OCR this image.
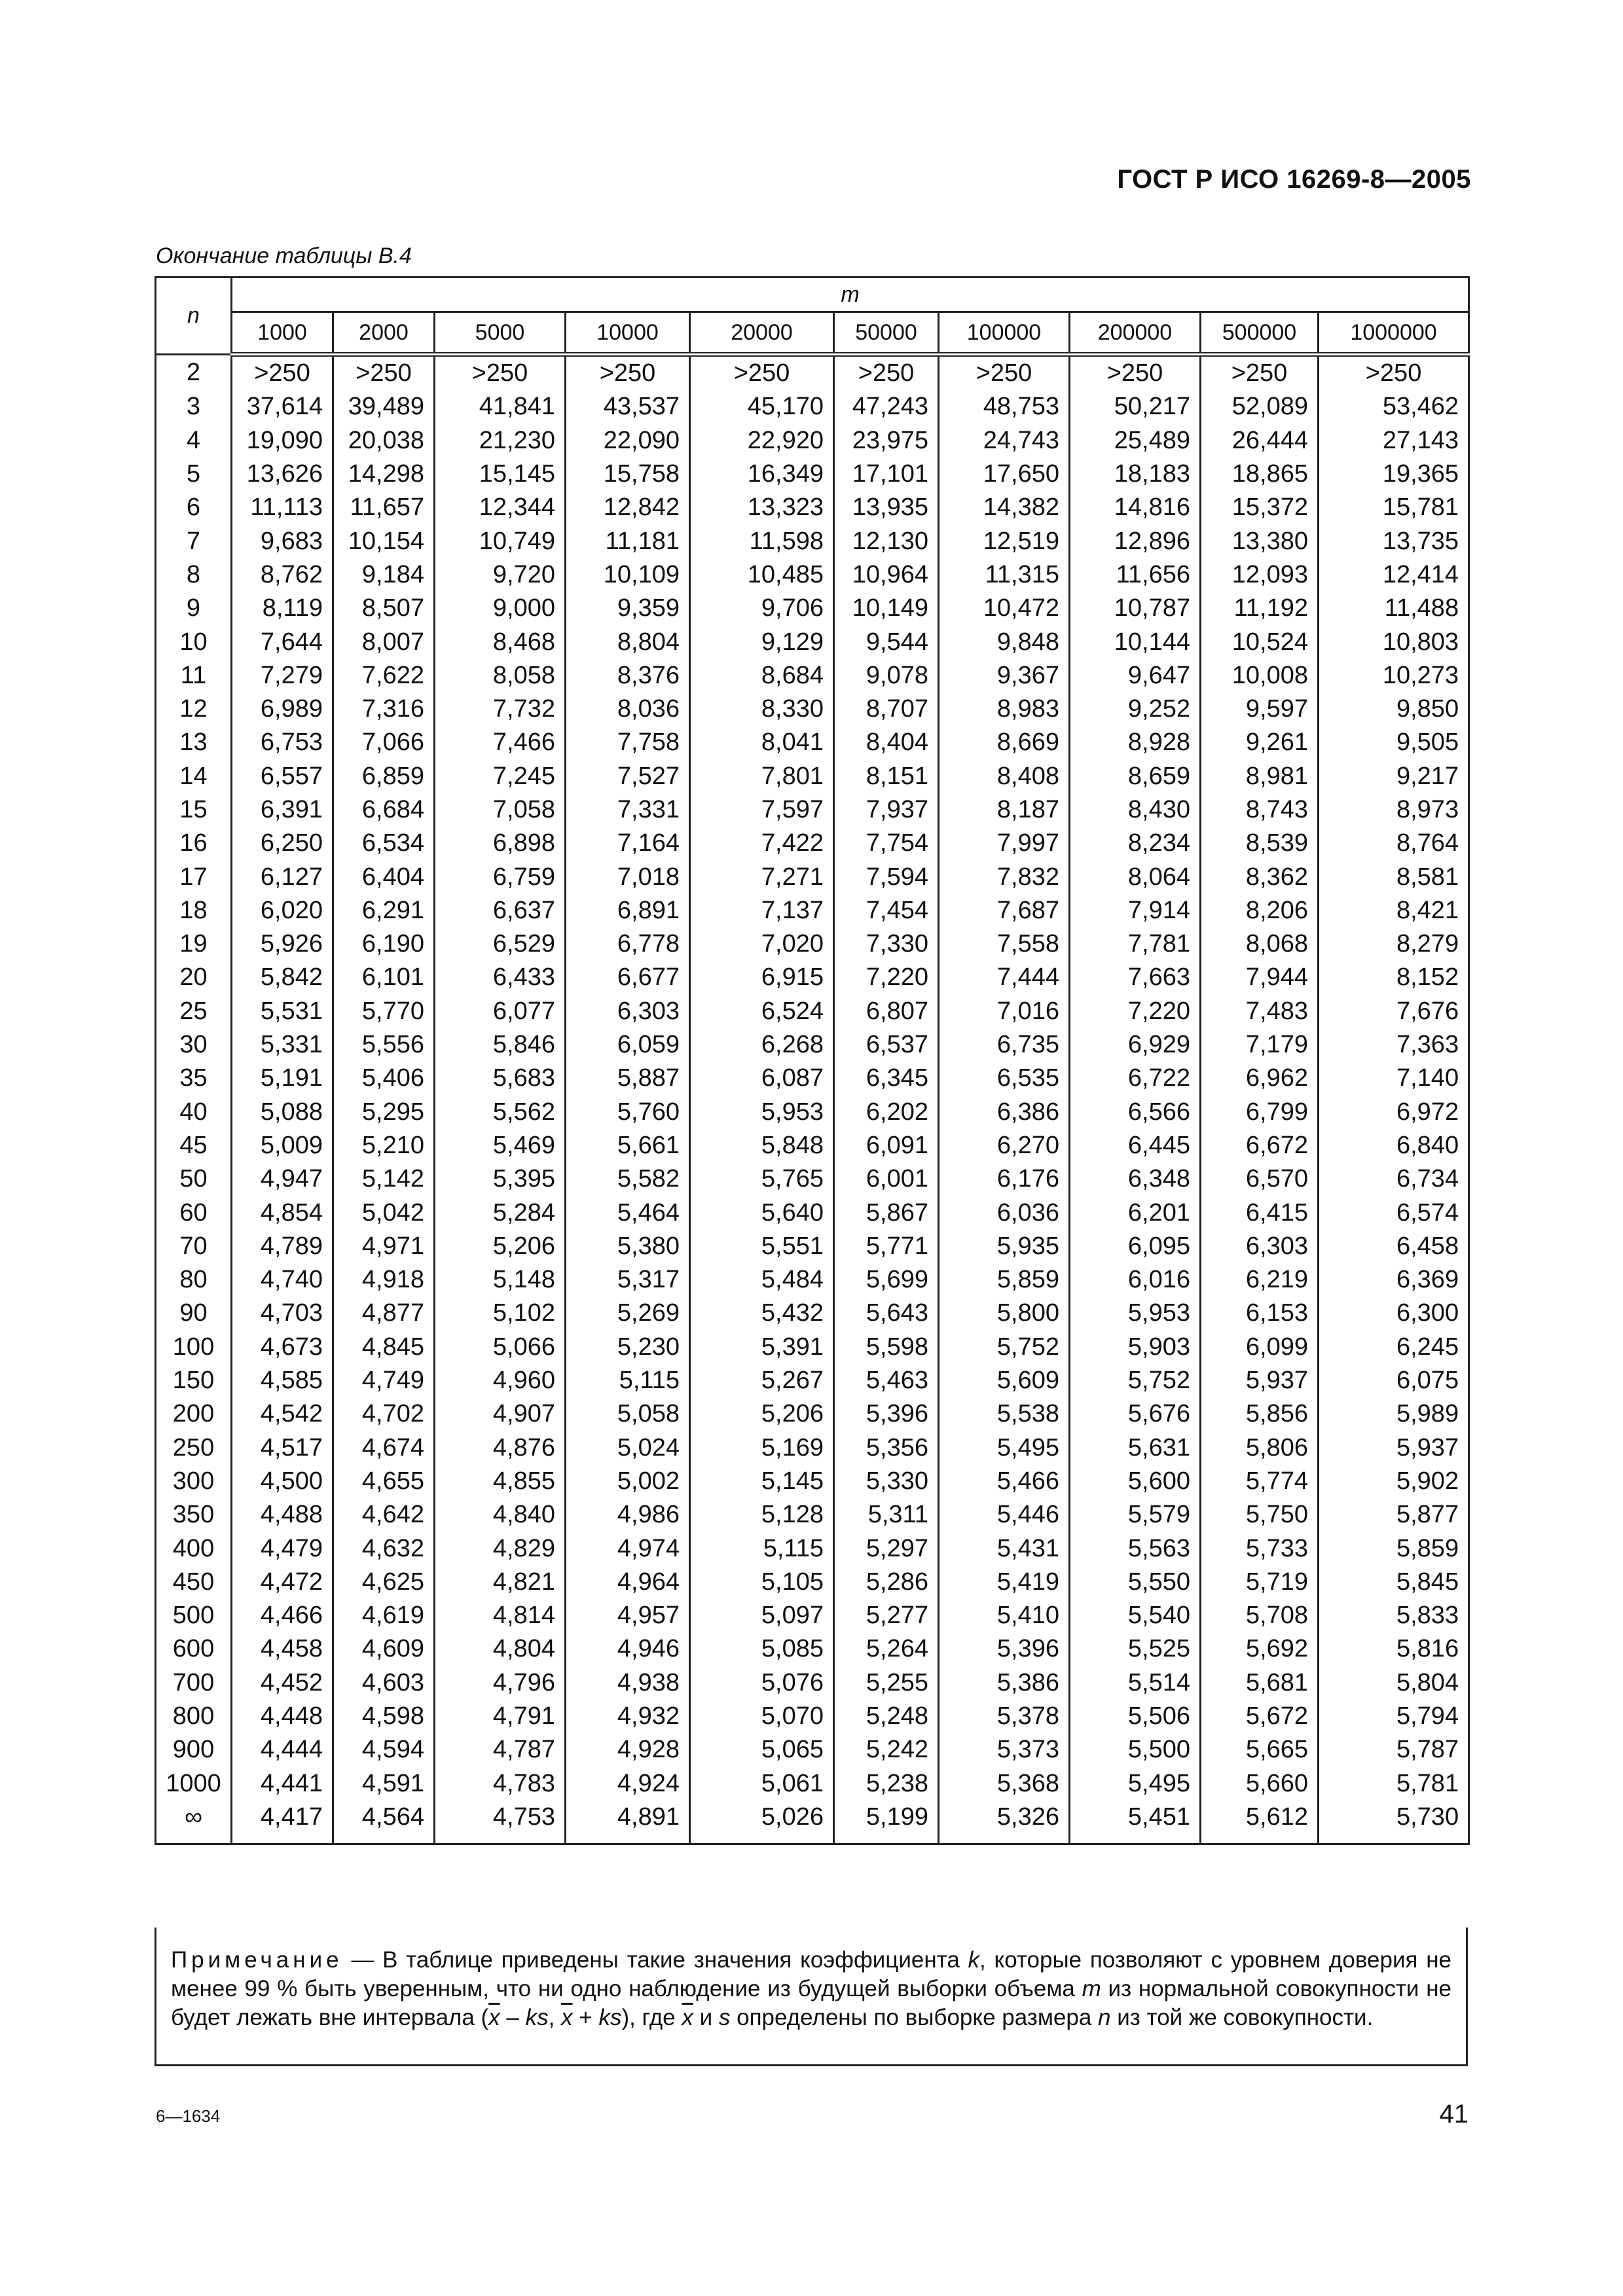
ГОСТ Р ИСО 16269-8—2005
Окончание таблицы B.4
n	m									
	1000	2000	5000	10000	20000	50000	100000	200000	500000	1000000
2	>250	>250	>250	>250	>250	>250	>250	>250	>250	>250
3	37,614	39,489	41,841	43,537	45,170	47,243	48,753	50,217	52,089	53,462
4	19,090	20,038	21,230	22,090	22,920	23,975	24,743	25,489	26,444	27,143
5	13,626	14,298	15,145	15,758	16,349	17,101	17,650	18,183	18,865	19,365
6	11,113	11,657	12,344	12,842	13,323	13,935	14,382	14,816	15,372	15,781
7	9,683	10,154	10,749	11,181	11,598	12,130	12,519	12,896	13,380	13,735
8	8,762	9,184	9,720	10,109	10,485	10,964	11,315	11,656	12,093	12,414
9	8,119	8,507	9,000	9,359	9,706	10,149	10,472	10,787	11,192	11,488
10	7,644	8,007	8,468	8,804	9,129	9,544	9,848	10,144	10,524	10,803
11	7,279	7,622	8,058	8,376	8,684	9,078	9,367	9,647	10,008	10,273
12	6,989	7,316	7,732	8,036	8,330	8,707	8,983	9,252	9,597	9,850
13	6,753	7,066	7,466	7,758	8,041	8,404	8,669	8,928	9,261	9,505
14	6,557	6,859	7,245	7,527	7,801	8,151	8,408	8,659	8,981	9,217
15	6,391	6,684	7,058	7,331	7,597	7,937	8,187	8,430	8,743	8,973
16	6,250	6,534	6,898	7,164	7,422	7,754	7,997	8,234	8,539	8,764
17	6,127	6,404	6,759	7,018	7,271	7,594	7,832	8,064	8,362	8,581
18	6,020	6,291	6,637	6,891	7,137	7,454	7,687	7,914	8,206	8,421
19	5,926	6,190	6,529	6,778	7,020	7,330	7,558	7,781	8,068	8,279
20	5,842	6,101	6,433	6,677	6,915	7,220	7,444	7,663	7,944	8,152
25	5,531	5,770	6,077	6,303	6,524	6,807	7,016	7,220	7,483	7,676
30	5,331	5,556	5,846	6,059	6,268	6,537	6,735	6,929	7,179	7,363
35	5,191	5,406	5,683	5,887	6,087	6,345	6,535	6,722	6,962	7,140
40	5,088	5,295	5,562	5,760	5,953	6,202	6,386	6,566	6,799	6,972
45	5,009	5,210	5,469	5,661	5,848	6,091	6,270	6,445	6,672	6,840
50	4,947	5,142	5,395	5,582	5,765	6,001	6,176	6,348	6,570	6,734
60	4,854	5,042	5,284	5,464	5,640	5,867	6,036	6,201	6,415	6,574
70	4,789	4,971	5,206	5,380	5,551	5,771	5,935	6,095	6,303	6,458
80	4,740	4,918	5,148	5,317	5,484	5,699	5,859	6,016	6,219	6,369
90	4,703	4,877	5,102	5,269	5,432	5,643	5,800	5,953	6,153	6,300
100	4,673	4,845	5,066	5,230	5,391	5,598	5,752	5,903	6,099	6,245
150	4,585	4,749	4,960	5,115	5,267	5,463	5,609	5,752	5,937	6,075
200	4,542	4,702	4,907	5,058	5,206	5,396	5,538	5,676	5,856	5,989
250	4,517	4,674	4,876	5,024	5,169	5,356	5,495	5,631	5,806	5,937
300	4,500	4,655	4,855	5,002	5,145	5,330	5,466	5,600	5,774	5,902
350	4,488	4,642	4,840	4,986	5,128	5,311	5,446	5,579	5,750	5,877
400	4,479	4,632	4,829	4,974	5,115	5,297	5,431	5,563	5,733	5,859
450	4,472	4,625	4,821	4,964	5,105	5,286	5,419	5,550	5,719	5,845
500	4,466	4,619	4,814	4,957	5,097	5,277	5,410	5,540	5,708	5,833
600	4,458	4,609	4,804	4,946	5,085	5,264	5,396	5,525	5,692	5,816
700	4,452	4,603	4,796	4,938	5,076	5,255	5,386	5,514	5,681	5,804
800	4,448	4,598	4,791	4,932	5,070	5,248	5,378	5,506	5,672	5,794
900	4,444	4,594	4,787	4,928	5,065	5,242	5,373	5,500	5,665	5,787
1000	4,441	4,591	4,783	4,924	5,061	5,238	5,368	5,495	5,660	5,781
∞	4,417	4,564	4,753	4,891	5,026	5,199	5,326	5,451	5,612	5,730
Примечание — В таблице приведены такие значения коэффициента k, которые позволяют с уровнем доверия не менее 99 % быть уверенным, что ни одно наблюдение из будущей выборки объема m из нормальной совокупности не будет лежать вне интервала ($\overline{x}$ – ks, $\overline{x} + ks$), где $\overline{x}$ и s определены по выборке размера n из той же совокупности.
6—1634	41
